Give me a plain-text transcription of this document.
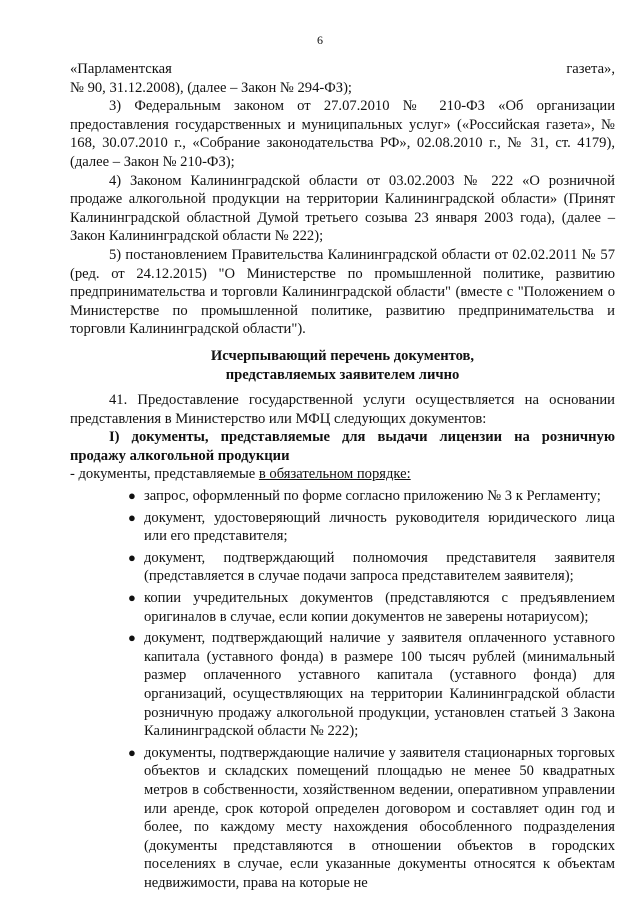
6
«Парламентская	газета»,

№ 90, 31.12.2008), (далее – Закон № 294-ФЗ);

3) Федеральным законом от 27.07.2010 № 210-ФЗ «Об организации предоставления государственных и муниципальных услуг» («Российская газета», № 168, 30.07.2010 г., «Собрание законодательства РФ», 02.08.2010 г., № 31, ст. 4179), (далее – Закон № 210-ФЗ);

4) Законом Калининградской области от 03.02.2003 № 222 «О розничной продаже алкогольной продукции на территории Калининградской области» (Принят Калининградской областной Думой третьего созыва 23 января 2003 года), (далее – Закон Калининградской области № 222);

5) постановлением Правительства Калининградской области от 02.02.2011 № 57 (ред. от 24.12.2015) "О Министерстве по промышленной политике, развитию предпринимательства и торговли Калининградской области" (вместе с "Положением о Министерстве по промышленной политике, развитию предпринимательства и торговли Калининградской области").

Исчерпывающий перечень документов,
представляемых заявителем лично

41. Предоставление государственной услуги осуществляется на основании представления в Министерство или МФЦ следующих документов:

I) документы, представляемые для выдачи лицензии на розничную продажу алкогольной продукции

- документы, представляемые в обязательном порядке:

● запрос, оформленный по форме согласно приложению № 3 к Регламенту;
● документ, удостоверяющий личность руководителя юридического лица или его представителя;
● документ, подтверждающий полномочия представителя заявителя (представляется в случае подачи запроса представителем заявителя);
● копии учредительных документов (представляются с предъявлением оригиналов в случае, если копии документов не заверены нотариусом);
● документ, подтверждающий наличие у заявителя оплаченного уставного капитала (уставного фонда) в размере 100 тысяч рублей (минимальный размер оплаченного уставного капитала (уставного фонда) для организаций, осуществляющих на территории Калининградской области розничную продажу алкогольной продукции, установлен статьей 3 Закона Калининградской области № 222);
● документы, подтверждающие наличие у заявителя стационарных торговых объектов и складских помещений площадью не менее 50 квадратных метров в собственности, хозяйственном ведении, оперативном управлении или аренде, срок которой определен договором и составляет один год и более, по каждому месту нахождения обособленного подразделения (документы представляются в отношении объектов в городских поселениях в случае, если указанные документы относятся к объектам недвижимости, права на которые не
